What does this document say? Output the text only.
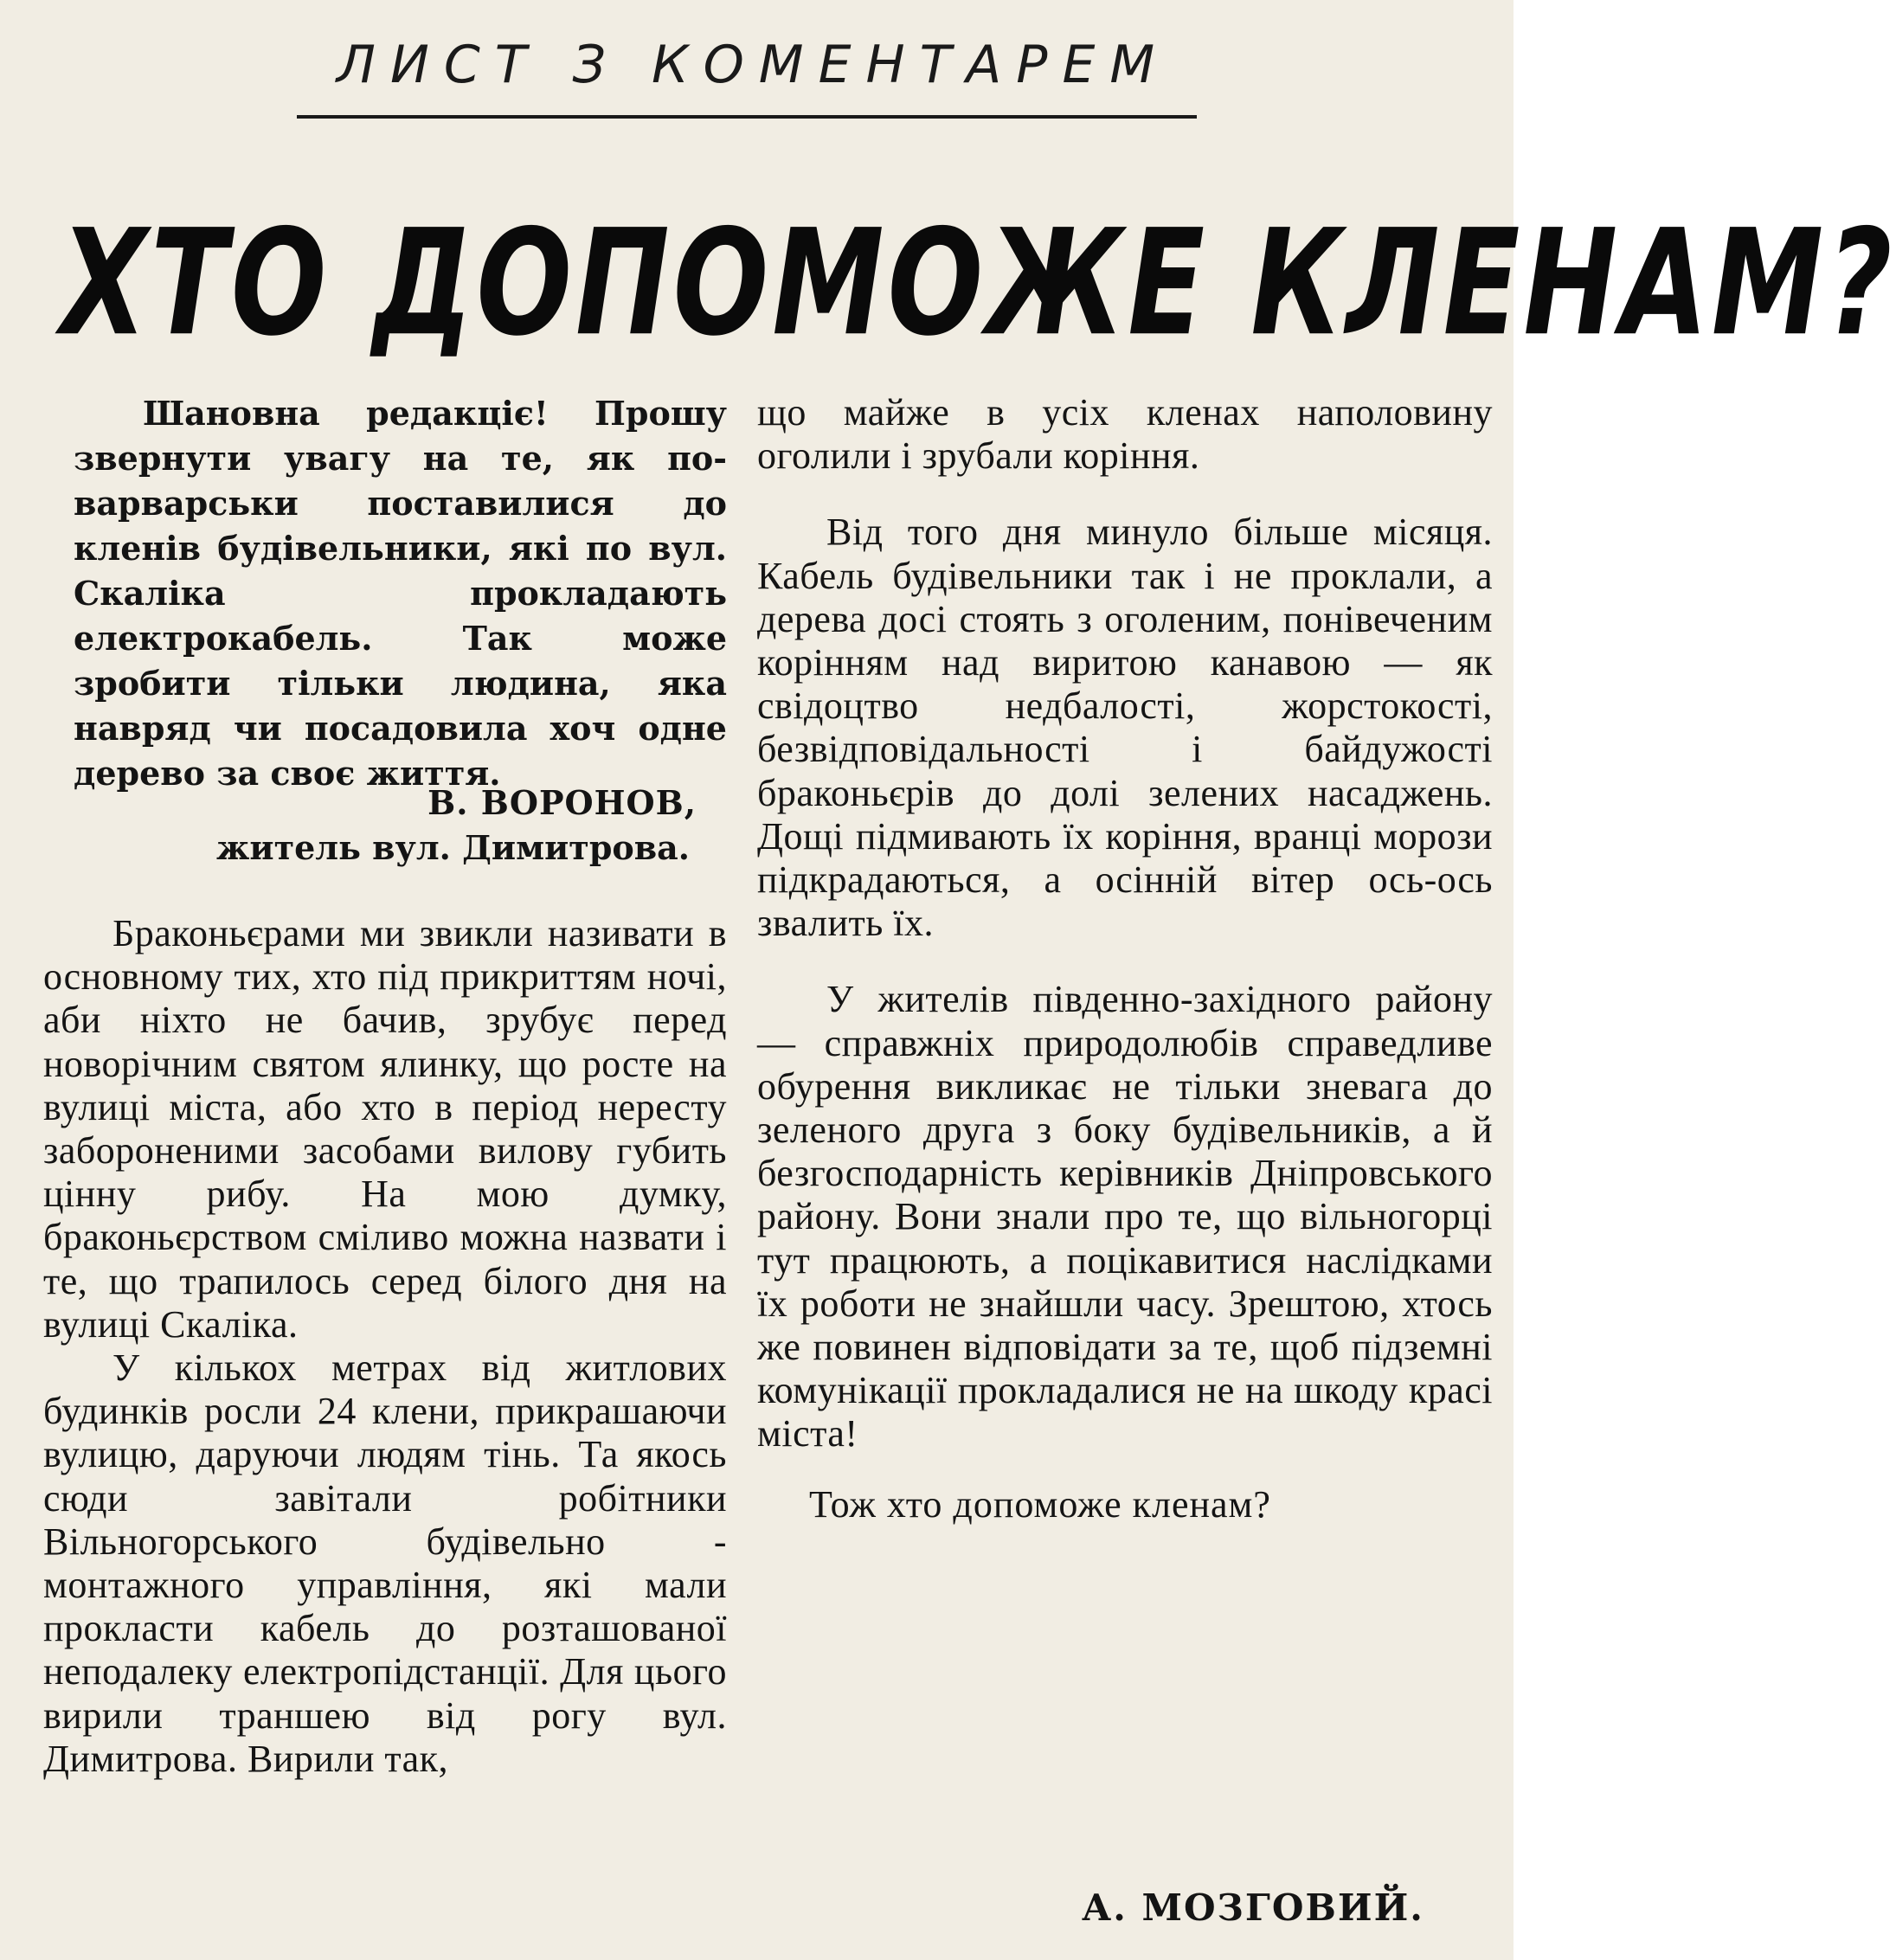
ЛИСТ З КОМЕНТАРЕМ
ХТО ДОПОМОЖЕ КЛЕНАМ?

Шановна редакціє! Прошу звернути увагу на те, як по-варварськи поставилися до кленів будівельники, які по вул. Скаліка прокладають електрокабель. Так може зробити тільки людина, яка навряд чи посадовила хоч одне дерево за своє життя.

В. ВОРОНОВ,
житель вул. Димитрова.

Браконьєрами ми звикли називати в основному тих, хто під прикриттям ночі, аби ніхто не бачив, зрубує перед новорічним святом ялинку, що росте на вулиці міста, або хто в період нересту забороненими засобами вилову губить цінну рибу. На мою думку, браконьєрством сміливо можна назвати і те, що трапилось серед білого дня на вулиці Скаліка.

У кількох метрах від житлових будинків росли 24 клени, прикрашаючи вулицю, даруючи людям тінь. Та якось сюди завітали робітники Вільногорського будівельно - монтажного управління, які мали прокласти кабель до розташованої неподалеку електропідстанції. Для цього вирили траншею від рогу вул. Димитрова. Вирили так,

що майже в усіх кленах наполовину оголили і зрубали коріння.

Від того дня минуло більше місяця. Кабель будівельники так і не проклали, а дерева досі стоять з оголеним, понівеченим корінням над виритою канавою — як свідоцтво недбалості, жорстокості, безвідповідальності і байдужості браконьєрів до долі зелених насаджень. Дощі підмивають їх коріння, вранці морози підкрадаються, а осінній вітер ось-ось звалить їх.

У жителів південно-західного району — справжніх природолюбів справедливе обурення викликає не тільки зневага до зеленого друга з боку будівельників, а й безгосподарність керівників Дніпровського району. Вони знали про те, що вільногорці тут працюють, а поцікавитися наслідками їх роботи не знайшли часу. Зрештою, хтось же повинен відповідати за те, щоб підземні комунікації прокладалися не на шкоду красі міста!

Тож хто допоможе кленам?

А. МОЗГОВИЙ.
